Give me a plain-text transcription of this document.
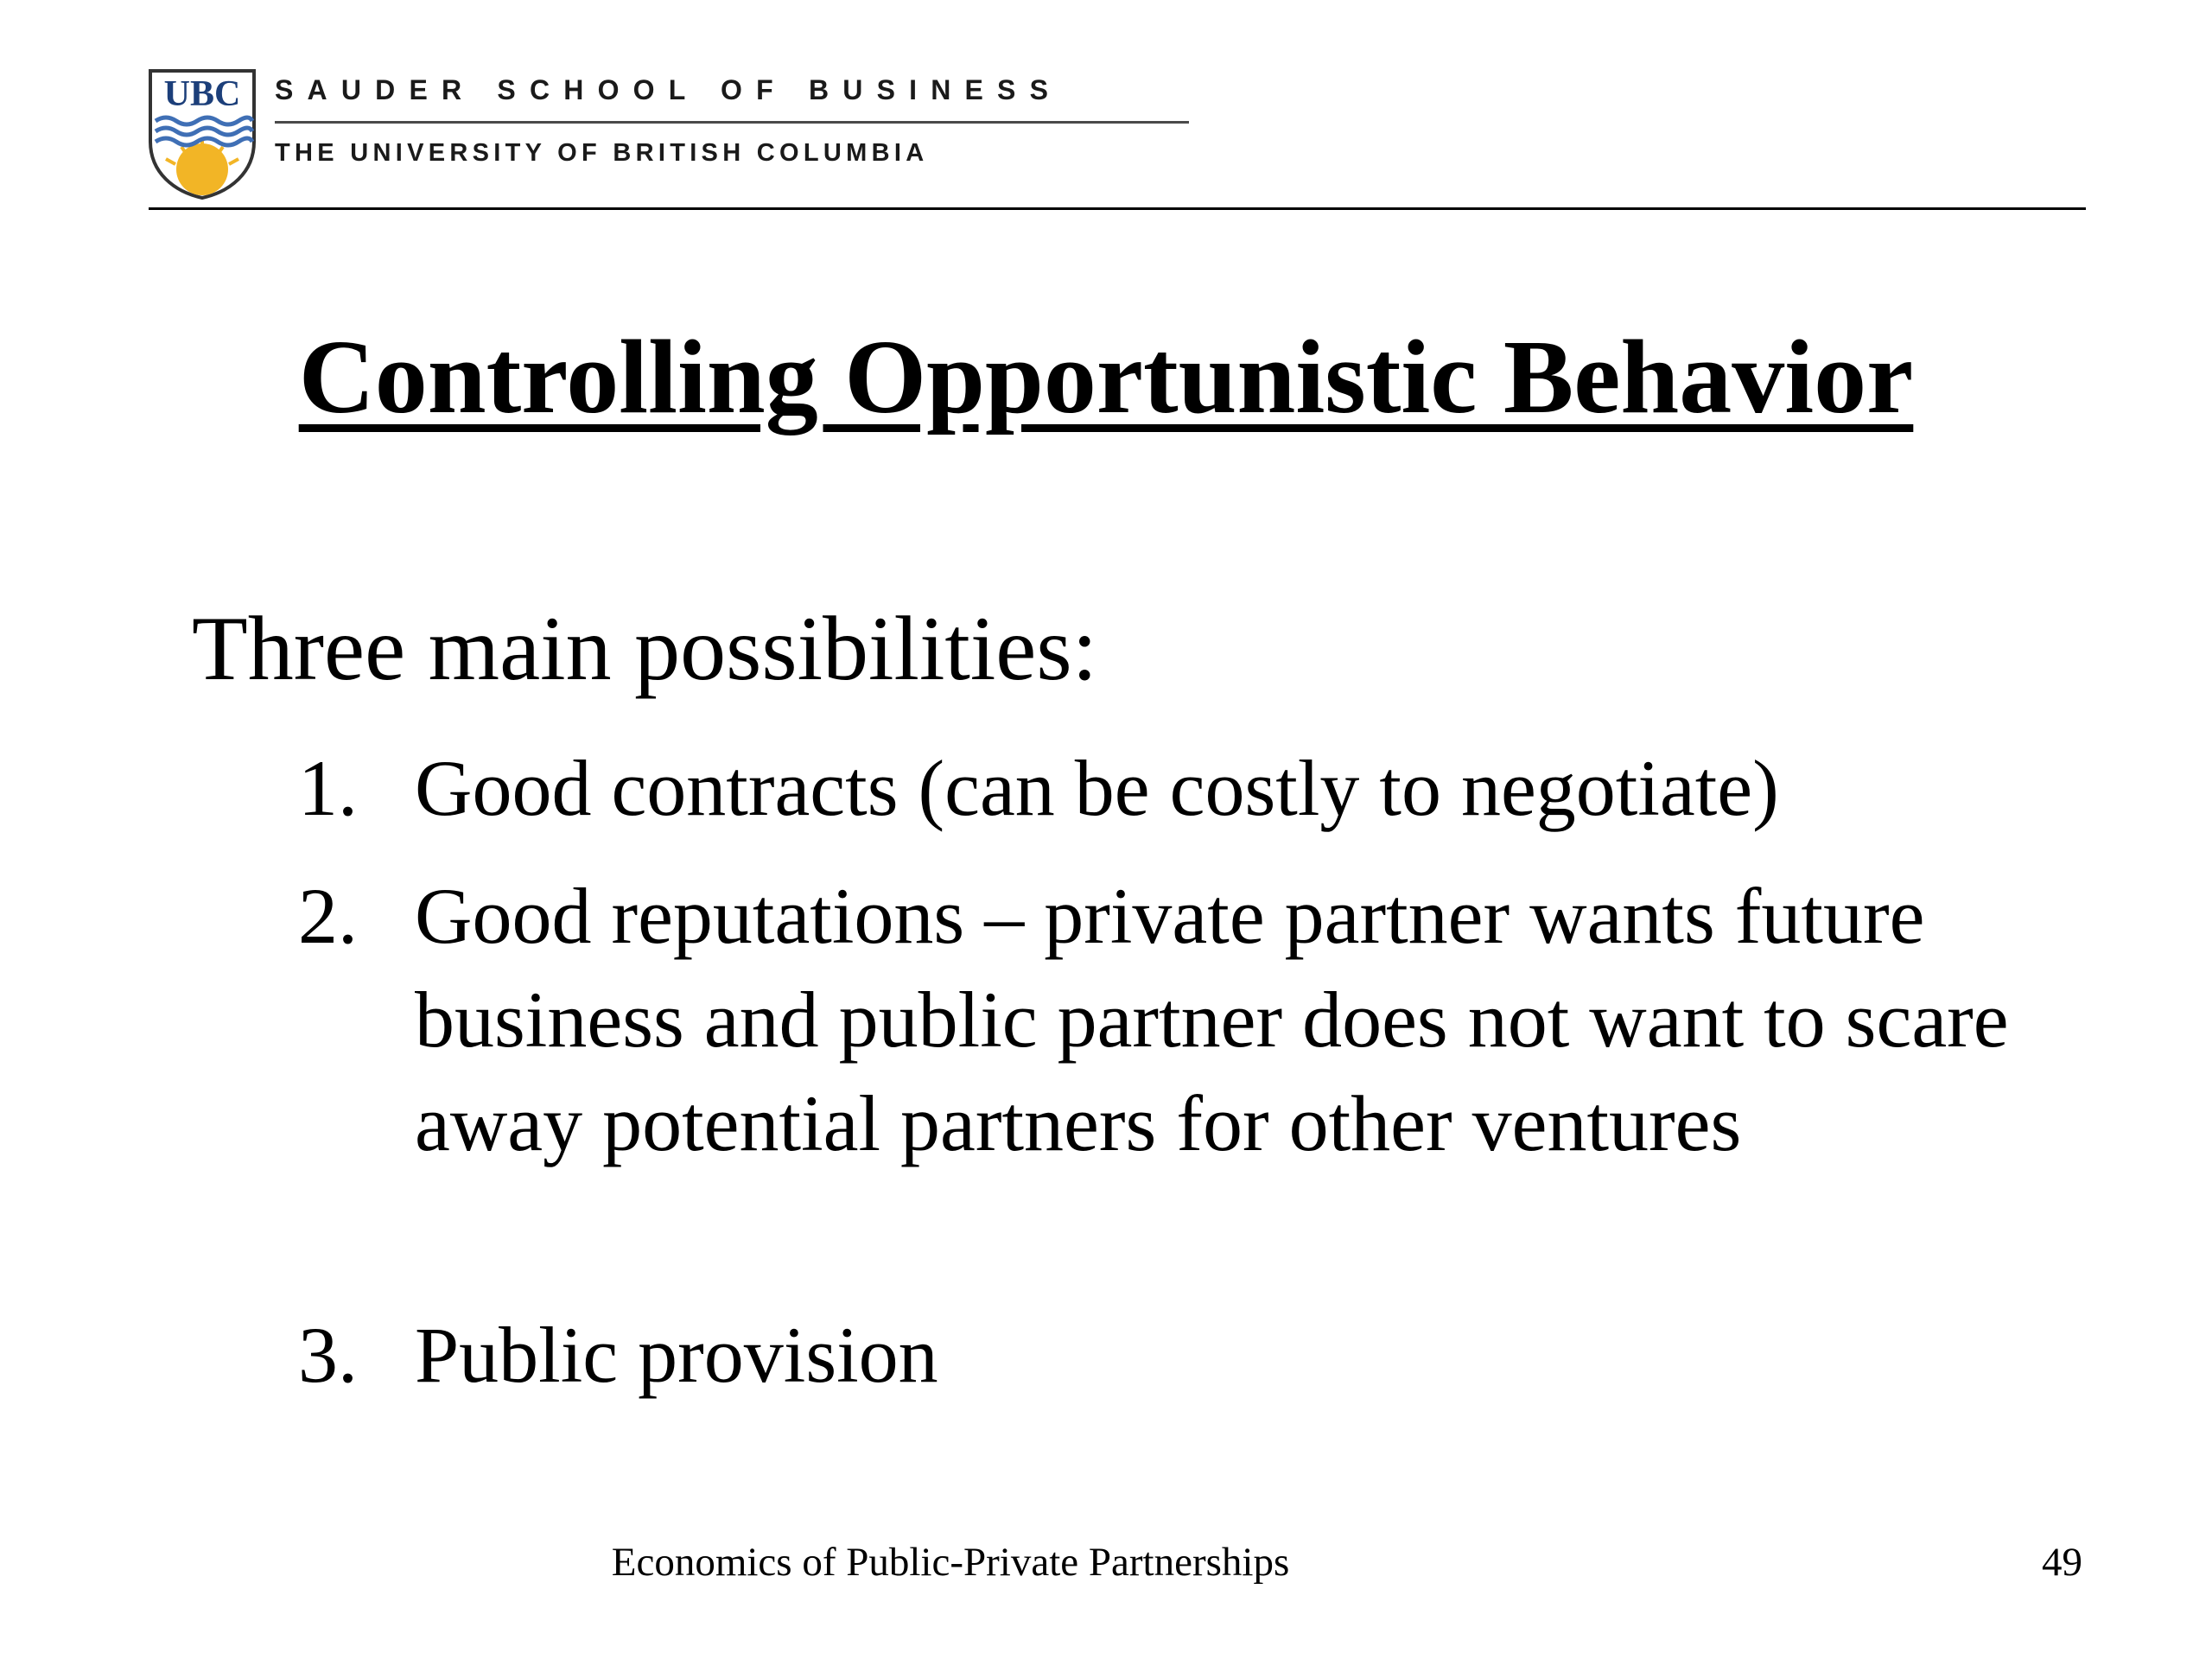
UBC SAUDER SCHOOL OF BUSINESS

THE UNIVERSITY OF BRITISH COLUMBIA

Controlling Opportunistic Behavior
Three main possibilities:
1. Good contracts (can be costly to negotiate)
2. Good reputations – private partner wants future business and public partner does not want to scare away potential partners for other ventures
3. Public provision
Economics of Public-Private Partnerships	49
